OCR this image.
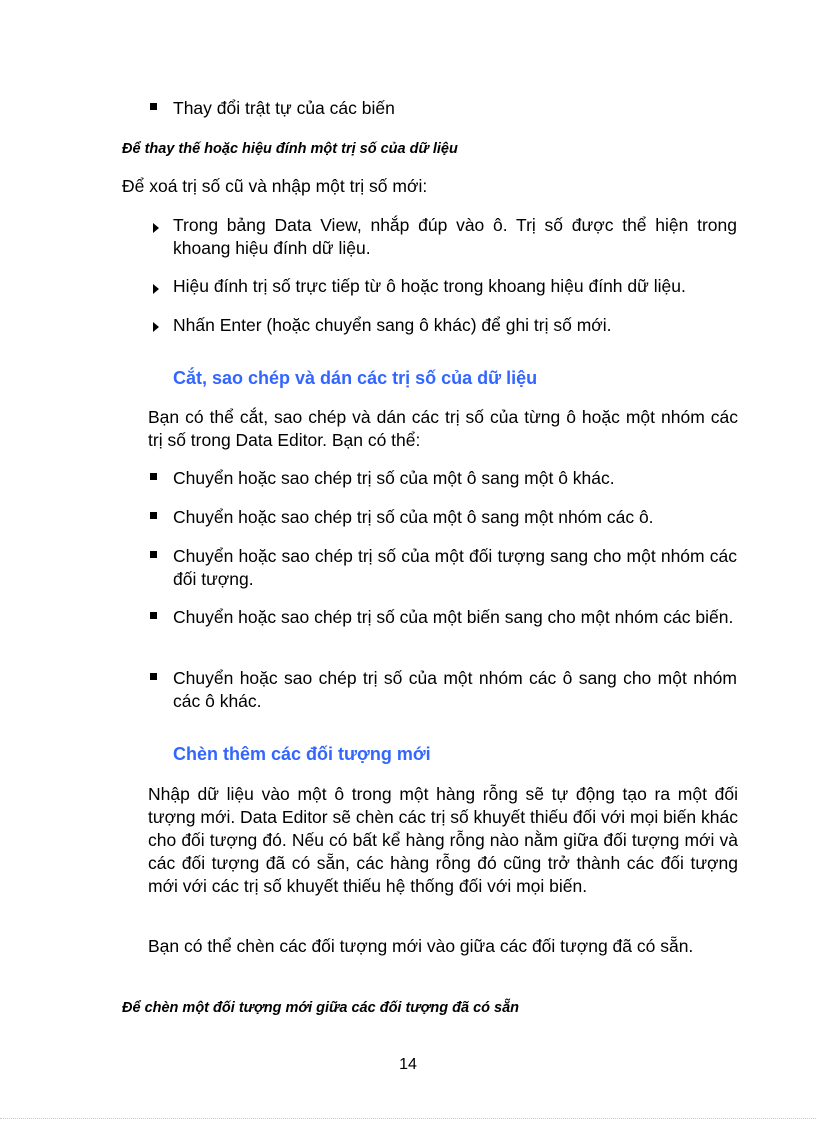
Thay đổi trật tự của các biến
Để thay thế hoặc hiệu đính một trị số của dữ liệu
Để xoá trị số cũ và nhập một trị số mới:
Trong bảng Data View, nhắp đúp vào ô. Trị số được thể hiện trong khoang hiệu đính dữ liệu.
Hiệu đính trị số trực tiếp từ ô hoặc trong khoang hiệu đính dữ liệu.
Nhấn Enter (hoặc chuyển sang ô khác) để ghi trị số mới.
Cắt, sao chép và dán các trị số của dữ liệu
Bạn có thể cắt, sao chép và dán các trị số của từng ô hoặc một nhóm các trị số trong Data Editor. Bạn có thể:
Chuyển hoặc sao chép trị số của một ô sang một ô khác.
Chuyển hoặc sao chép trị số của một ô sang một nhóm các ô.
Chuyển hoặc sao chép trị số của một đối tượng sang cho một nhóm các đối tượng.
Chuyển hoặc sao chép trị số của một biến sang cho một nhóm các biến.
Chuyển hoặc sao chép trị số của một nhóm các ô sang cho một nhóm các ô khác.
Chèn thêm các đối tượng mới
Nhập dữ liệu vào một ô trong một hàng rỗng sẽ tự động tạo ra một đối tượng mới. Data Editor sẽ chèn các trị số khuyết thiếu đối với mọi biến khác cho đối tượng đó. Nếu có bất kể hàng rỗng nào nằm giữa đối tượng mới và các đối tượng đã có sẵn, các hàng rỗng đó cũng trở thành các đối tượng mới với các trị số khuyết thiếu hệ thống đối với mọi biến.
Bạn có thể chèn các đối tượng mới vào giữa các đối tượng đã có sẵn.
Để chèn một đối tượng mới giữa các đối tượng đã có sẵn
14
